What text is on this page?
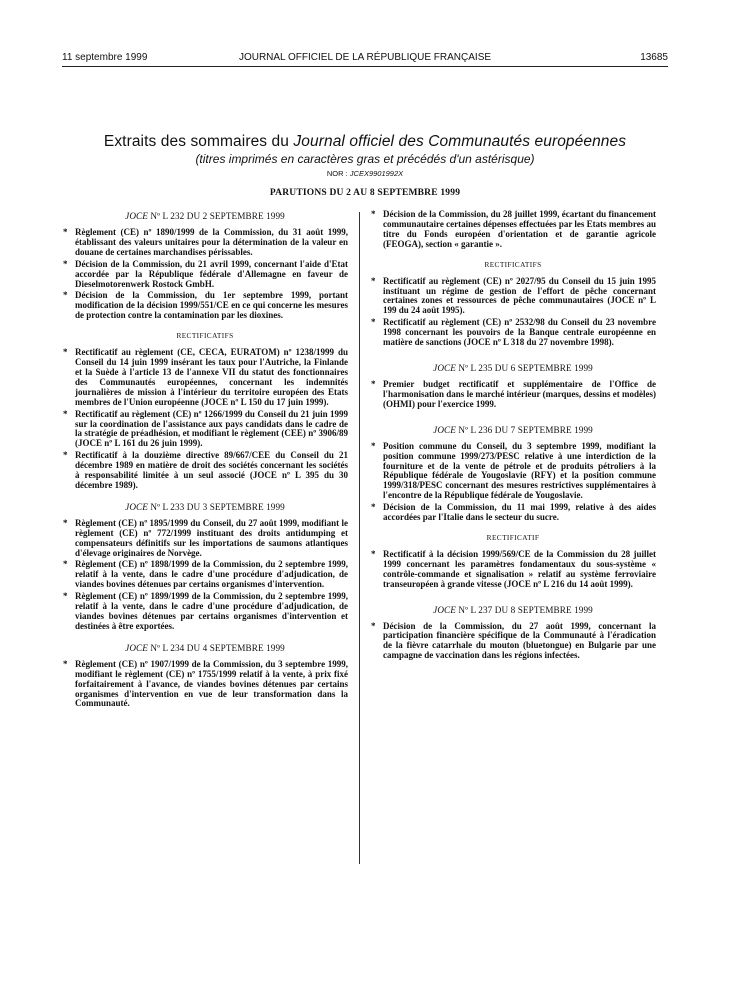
11 septembre 1999	JOURNAL OFFICIEL DE LA RÉPUBLIQUE FRANÇAISE	13685
Extraits des sommaires du Journal officiel des Communautés européennes
(titres imprimés en caractères gras et précédés d'un astérisque)
NOR : JCEX9901992X
PARUTIONS DU 2 AU 8 SEPTEMBRE 1999
JOCE Nº L 232 DU 2 SEPTEMBRE 1999
* Règlement (CE) nº 1890/1999 de la Commission, du 31 août 1999, établissant des valeurs unitaires pour la détermination de la valeur en douane de certaines marchandises périssables.
* Décision de la Commission, du 21 avril 1999, concernant l'aide d'Etat accordée par la République fédérale d'Allemagne en faveur de Dieselmotorenwerk Rostock GmbH.
* Décision de la Commission, du 1er septembre 1999, portant modification de la décision 1999/551/CE en ce qui concerne les mesures de protection contre la contamination par les dioxines.
RECTIFICATIFS
* Rectificatif au règlement (CE, CECA, EURATOM) nº 1238/1999 du Conseil du 14 juin 1999 insérant les taux pour l'Autriche, la Finlande et la Suède à l'article 13 de l'annexe VII du statut des fonctionnaires des Communautés européennes, concernant les indemnités journalières de mission à l'intérieur du territoire européen des Etats membres de l'Union européenne (JOCE nº L 150 du 17 juin 1999).
* Rectificatif au règlement (CE) nº 1266/1999 du Conseil du 21 juin 1999 sur la coordination de l'assistance aux pays candidats dans le cadre de la stratégie de préadhésion, et modifiant le règlement (CEE) nº 3906/89 (JOCE nº L 161 du 26 juin 1999).
* Rectificatif à la douzième directive 89/667/CEE du Conseil du 21 décembre 1989 en matière de droit des sociétés concernant les sociétés à responsabilité limitée à un seul associé (JOCE nº L 395 du 30 décembre 1989).
JOCE Nº L 233 DU 3 SEPTEMBRE 1999
* Règlement (CE) nº 1895/1999 du Conseil, du 27 août 1999, modifiant le règlement (CE) nº 772/1999 instituant des droits antidumping et compensateurs définitifs sur les importations de saumons atlantiques d'élevage originaires de Norvège.
* Règlement (CE) nº 1898/1999 de la Commission, du 2 septembre 1999, relatif à la vente, dans le cadre d'une procédure d'adjudication, de viandes bovines détenues par certains organismes d'intervention.
* Règlement (CE) nº 1899/1999 de la Commission, du 2 septembre 1999, relatif à la vente, dans le cadre d'une procédure d'adjudication, de viandes bovines détenues par certains organismes d'intervention et destinées à être exportées.
JOCE Nº L 234 DU 4 SEPTEMBRE 1999
* Règlement (CE) nº 1907/1999 de la Commission, du 3 septembre 1999, modifiant le règlement (CE) nº 1755/1999 relatif à la vente, à prix fixé forfaitairement à l'avance, de viandes bovines détenues par certains organismes d'intervention en vue de leur transformation dans la Communauté.
* Décision de la Commission, du 28 juillet 1999, écartant du financement communautaire certaines dépenses effectuées par les Etats membres au titre du Fonds européen d'orientation et de garantie agricole (FEOGA), section « garantie ».
RECTIFICATIFS
* Rectificatif au règlement (CE) nº 2027/95 du Conseil du 15 juin 1995 instituant un régime de gestion de l'effort de pêche concernant certaines zones et ressources de pêche communautaires (JOCE nº L 199 du 24 août 1995).
* Rectificatif au règlement (CE) nº 2532/98 du Conseil du 23 novembre 1998 concernant les pouvoirs de la Banque centrale européenne en matière de sanctions (JOCE nº L 318 du 27 novembre 1998).
JOCE Nº L 235 DU 6 SEPTEMBRE 1999
* Premier budget rectificatif et supplémentaire de l'Office de l'harmonisation dans le marché intérieur (marques, dessins et modèles) (OHMI) pour l'exercice 1999.
JOCE Nº L 236 DU 7 SEPTEMBRE 1999
* Position commune du Conseil, du 3 septembre 1999, modifiant la position commune 1999/273/PESC relative à une interdiction de la fourniture et de la vente de pétrole et de produits pétroliers à la République fédérale de Yougoslavie (RFY) et la position commune 1999/318/PESC concernant des mesures restrictives supplémentaires à l'encontre de la République fédérale de Yougoslavie.
* Décision de la Commission, du 11 mai 1999, relative à des aides accordées par l'Italie dans le secteur du sucre.
RECTIFICATIF
* Rectificatif à la décision 1999/569/CE de la Commission du 28 juillet 1999 concernant les paramètres fondamentaux du sous-système « contrôle-commande et signalisation » relatif au système ferroviaire transeuropéen à grande vitesse (JOCE nº L 216 du 14 août 1999).
JOCE Nº L 237 DU 8 SEPTEMBRE 1999
* Décision de la Commission, du 27 août 1999, concernant la participation financière spécifique de la Communauté à l'éradication de la fièvre catarrhale du mouton (bluetongue) en Bulgarie par une campagne de vaccination dans les régions infectées.
